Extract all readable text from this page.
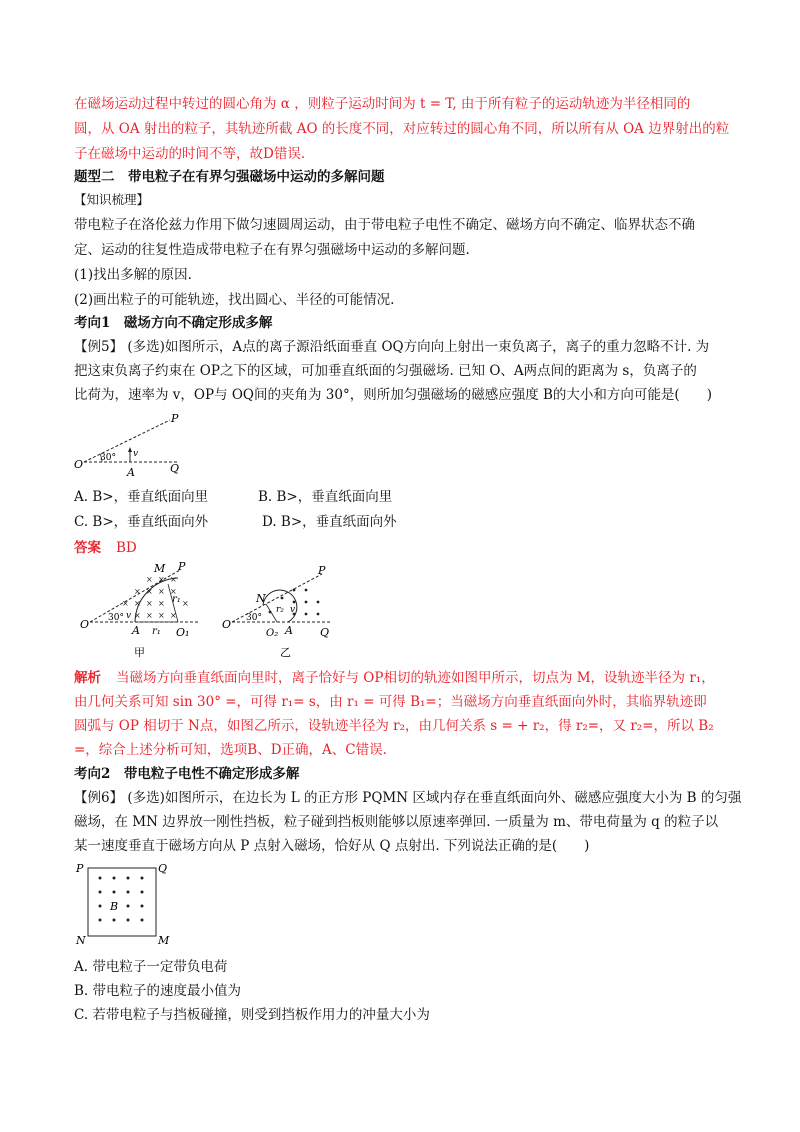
在磁场运动过程中转过的圆心角为 α ，则粒子运动时间为 t = T, 由于所有粒子的运动轨迹为半径相同的
圆，从 OA 射出的粒子，其轨迹所截 AO 的长度不同，对应转过的圆心角不同，所以所有从 OA 边界射出的粒
子在磁场中运动的时间不等，故D错误.
题型二　带电粒子在有界匀强磁场中运动的多解问题
【知识梳理】
带电粒子在洛伦兹力作用下做匀速圆周运动，由于带电粒子电性不确定、磁场方向不确定、临界状态不确
定、运动的往复性造成带电粒子在有界匀强磁场中运动的多解问题.
(1)找出多解的原因.
(2)画出粒子的可能轨迹，找出圆心、半径的可能情况.
考向1　磁场方向不确定形成多解
【例5】 (多选)如图所示，A点的离子源沿纸面垂直 OQ方向向上射出一束负离子，离子的重力忽略不计. 为
把这束负离子约束在 OP之下的区域，可加垂直纸面的匀强磁场. 已知 O、A两点间的距离为 s，负离子的
比荷为，速率为 v，OP与 OQ间的夹角为 30°，则所加匀强磁场的磁感应强度 B的大小和方向可能是(　　)
P
O
A	Q
30° v
A. B>，垂直纸面向里	B. B>，垂直纸面向里
C. B>，垂直纸面向外	D. B>，垂直纸面向外
答案 BD
× × × ×
× × × ×
× × ×
× × × ×
×
30°
M P
O	A	O₁
r₁
r₁
v
甲
30°
N
P
O
O₂ A Q
r₂ v
乙
解析 当磁场方向垂直纸面向里时，离子恰好与 OP相切的轨迹如图甲所示，切点为 M，设轨迹半径为 r₁，
由几何关系可知 sin 30° =，可得 r₁= s，由 r₁ = 可得 B₁=；当磁场方向垂直纸面向外时，其临界轨迹即
圆弧与 OP 相切于 N点，如图乙所示，设轨迹半径为 r₂，由几何关系 s = + r₂，得 r₂=，又 r₂=，所以 B₂
=，综合上述分析可知，选项B、D正确，A、C错误.
考向2　带电粒子电性不确定形成多解
【例6】 (多选)如图所示，在边长为 L 的正方形 PQMN 区域内存在垂直纸面向外、磁感应强度大小为 B 的匀强
磁场，在 MN 边界放一刚性挡板，粒子碰到挡板则能够以原速率弹回. 一质量为 m、带电荷量为 q 的粒子以
某一速度垂直于磁场方向从 P 点射入磁场，恰好从 Q 点射出. 下列说法正确的是(　　)
P	Q
N	M
B
A. 带电粒子一定带负电荷
B. 带电粒子的速度最小值为
C. 若带电粒子与挡板碰撞，则受到挡板作用力的冲量大小为
